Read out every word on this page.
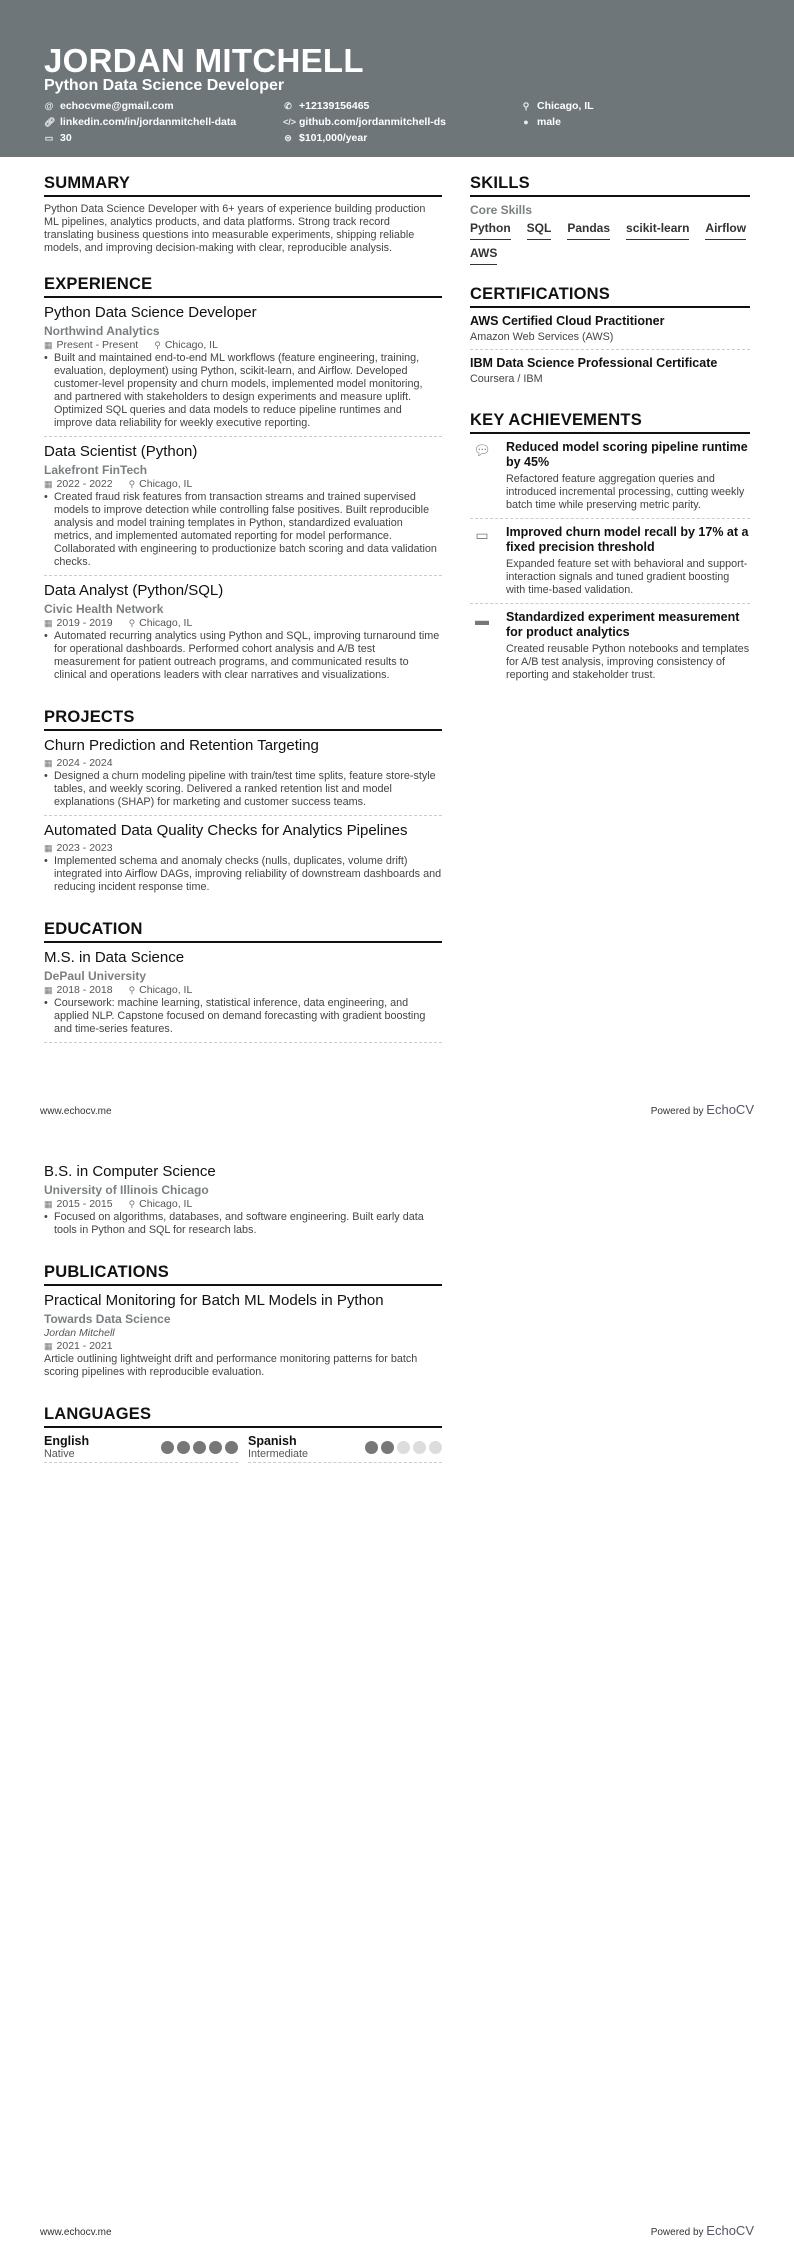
JORDAN MITCHELL
Python Data Science Developer
@ echocvme@gmail.com	✆ +12139156465	⚲ Chicago, IL
🔗︎ linkedin.com/in/jordanmitchell-data	</> github.com/jordanmitchell-ds	● male
▭ 30	⊜ $101,000/year
SUMMARY
Python Data Science Developer with 6+ years of experience building production ML pipelines, analytics products, and data platforms. Strong track record translating business questions into measurable experiments, shipping reliable models, and improving decision-making with clear, reproducible analysis.
EXPERIENCE
Python Data Science Developer
Northwind Analytics
▦ Present - Present ⚲ Chicago, IL
• Built and maintained end-to-end ML workflows (feature engineering, training, evaluation, deployment) using Python, scikit-learn, and Airflow. Developed customer-level propensity and churn models, implemented model monitoring, and partnered with stakeholders to design experiments and measure uplift. Optimized SQL queries and data models to reduce pipeline runtimes and improve data reliability for weekly executive reporting.
Data Scientist (Python)
Lakefront FinTech
▦ 2022 - 2022 ⚲ Chicago, IL
• Created fraud risk features from transaction streams and trained supervised models to improve detection while controlling false positives. Built reproducible analysis and model training templates in Python, standardized evaluation metrics, and implemented automated reporting for model performance. Collaborated with engineering to productionize batch scoring and data validation checks.
Data Analyst (Python/SQL)
Civic Health Network
▦ 2019 - 2019 ⚲ Chicago, IL
• Automated recurring analytics using Python and SQL, improving turnaround time for operational dashboards. Performed cohort analysis and A/B test measurement for patient outreach programs, and communicated results to clinical and operations leaders with clear narratives and visualizations.
PROJECTS
Churn Prediction and Retention Targeting
▦ 2024 - 2024
• Designed a churn modeling pipeline with train/test time splits, feature store-style tables, and weekly scoring. Delivered a ranked retention list and model explanations (SHAP) for marketing and customer success teams.
Automated Data Quality Checks for Analytics Pipelines
▦ 2023 - 2023
• Implemented schema and anomaly checks (nulls, duplicates, volume drift) integrated into Airflow DAGs, improving reliability of downstream dashboards and reducing incident response time.
EDUCATION
M.S. in Data Science
DePaul University
▦ 2018 - 2018 ⚲ Chicago, IL
• Coursework: machine learning, statistical inference, data engineering, and applied NLP. Capstone focused on demand forecasting with gradient boosting and time-series features.
SKILLS
Core Skills
Python SQL Pandas scikit-learn Airflow
AWS
CERTIFICATIONS
AWS Certified Cloud Practitioner
Amazon Web Services (AWS)
IBM Data Science Professional Certificate
Coursera / IBM
KEY ACHIEVEMENTS
💬︎ Reduced model scoring pipeline runtime by 45%
Refactored feature aggregation queries and introduced incremental processing, cutting weekly batch time while preserving metric parity.
▭	Improved churn model recall by 17% at a fixed precision threshold
Expanded feature set with behavioral and support-interaction signals and tuned gradient boosting with time-based validation.
▬	Standardized experiment measurement for product analytics
Created reusable Python notebooks and templates for A/B test analysis, improving consistency of reporting and stakeholder trust.
www.echocv.me	Powered by EchoCV
B.S. in Computer Science
University of Illinois Chicago
▦ 2015 - 2015 ⚲ Chicago, IL
• Focused on algorithms, databases, and software engineering. Built early data tools in Python and SQL for research labs.
PUBLICATIONS
Practical Monitoring for Batch ML Models in Python
Towards Data Science
Jordan Mitchell
▦ 2021 - 2021
Article outlining lightweight drift and performance monitoring patterns for batch scoring pipelines with reproducible evaluation.
LANGUAGES
English
Native
Spanish
Intermediate
www.echocv.me	Powered by EchoCV
